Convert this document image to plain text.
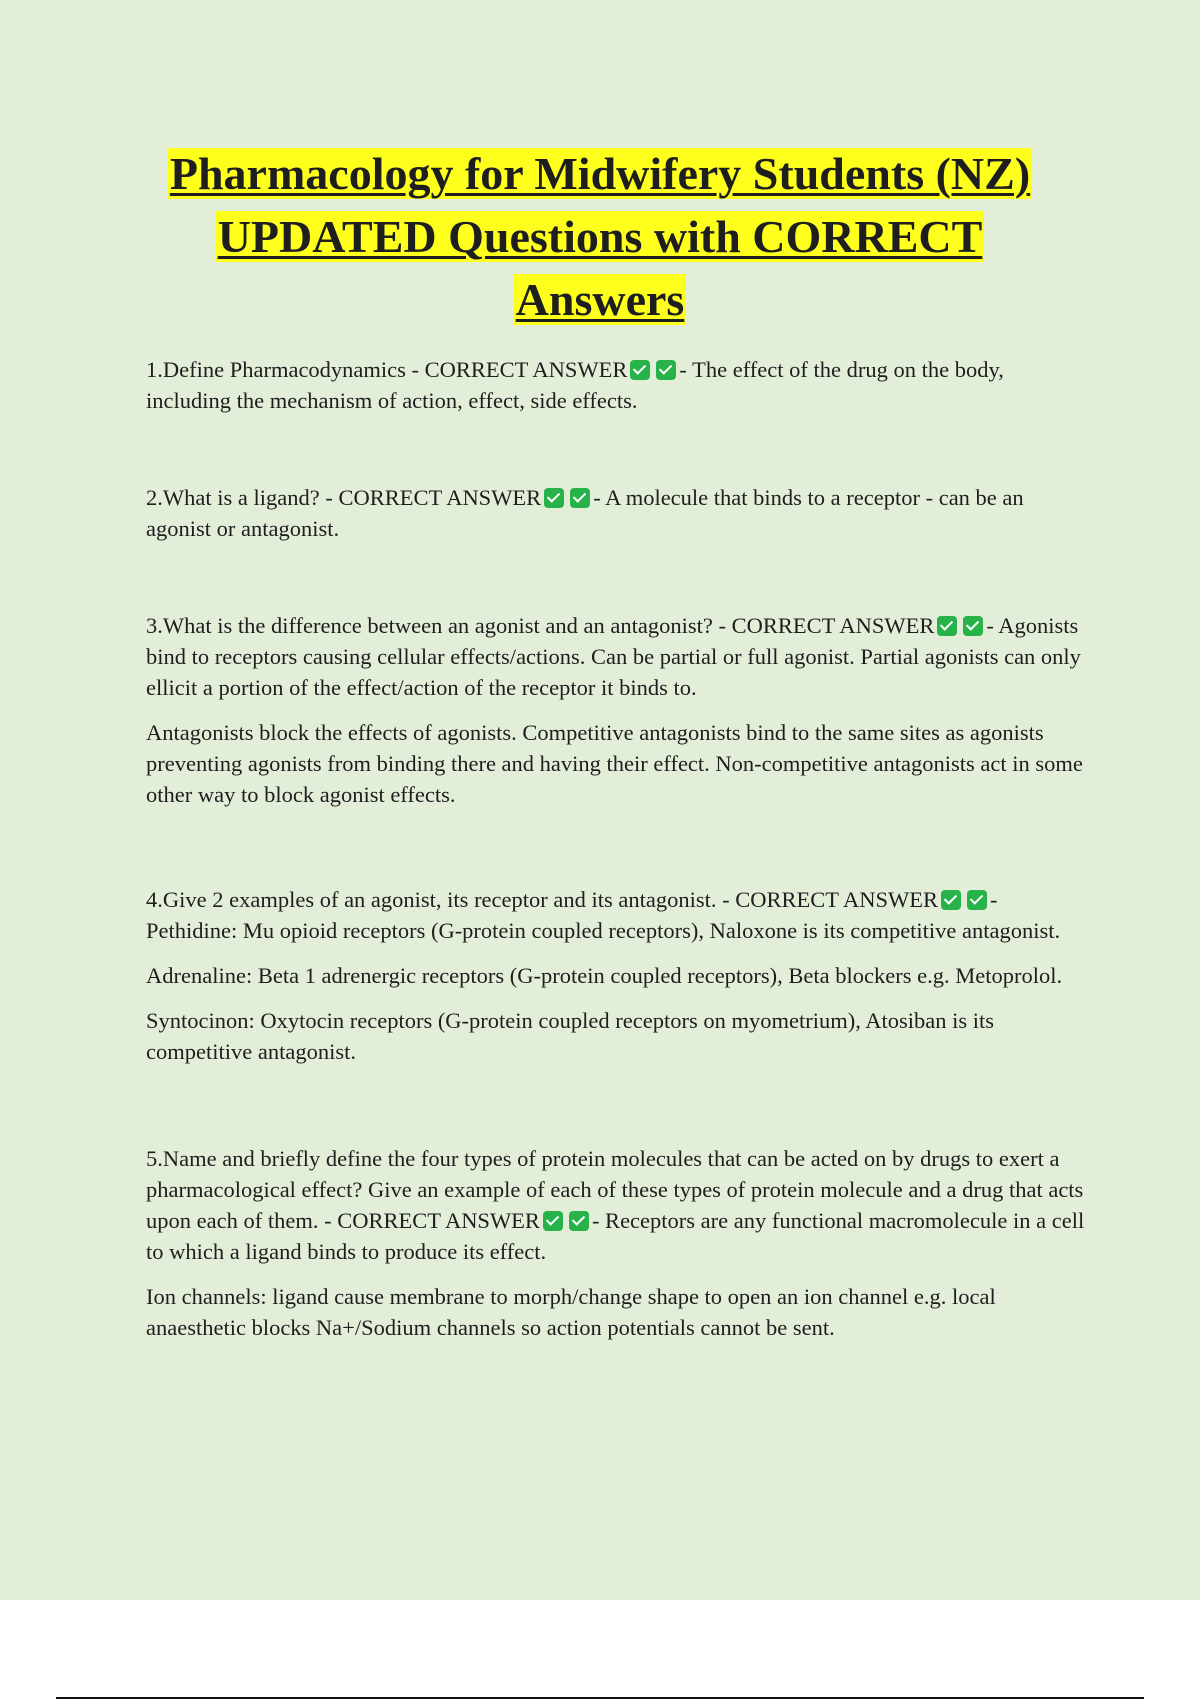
Pharmacology for Midwifery Students (NZ)
UPDATED Questions with CORRECT
Answers

1.Define Pharmacodynamics - CORRECT ANSWER - The effect of the drug on the body, including the mechanism of action, effect, side effects.

2.What is a ligand? - CORRECT ANSWER - A molecule that binds to a receptor - can be an agonist or antagonist.

3.What is the difference between an agonist and an antagonist? - CORRECT ANSWER - Agonists bind to receptors causing cellular effects/actions. Can be partial or full agonist. Partial agonists can only ellicit a portion of the effect/action of the receptor it binds to.

Antagonists block the effects of agonists. Competitive antagonists bind to the same sites as agonists preventing agonists from binding there and having their effect. Non-competitive antagonists act in some other way to block agonist effects.

4.Give 2 examples of an agonist, its receptor and its antagonist. - CORRECT ANSWER - Pethidine: Mu opioid receptors (G-protein coupled receptors), Naloxone is its competitive antagonist.

Adrenaline: Beta 1 adrenergic receptors (G-protein coupled receptors), Beta blockers e.g. Metoprolol.

Syntocinon: Oxytocin receptors (G-protein coupled receptors on myometrium), Atosiban is its competitive antagonist.

5.Name and briefly define the four types of protein molecules that can be acted on by drugs to exert a pharmacological effect? Give an example of each of these types of protein molecule and a drug that acts upon each of them. - CORRECT ANSWER - Receptors are any functional macromolecule in a cell to which a ligand binds to produce its effect.

Ion channels: ligand cause membrane to morph/change shape to open an ion channel e.g. local anaesthetic blocks Na+/Sodium channels so action potentials cannot be sent.
